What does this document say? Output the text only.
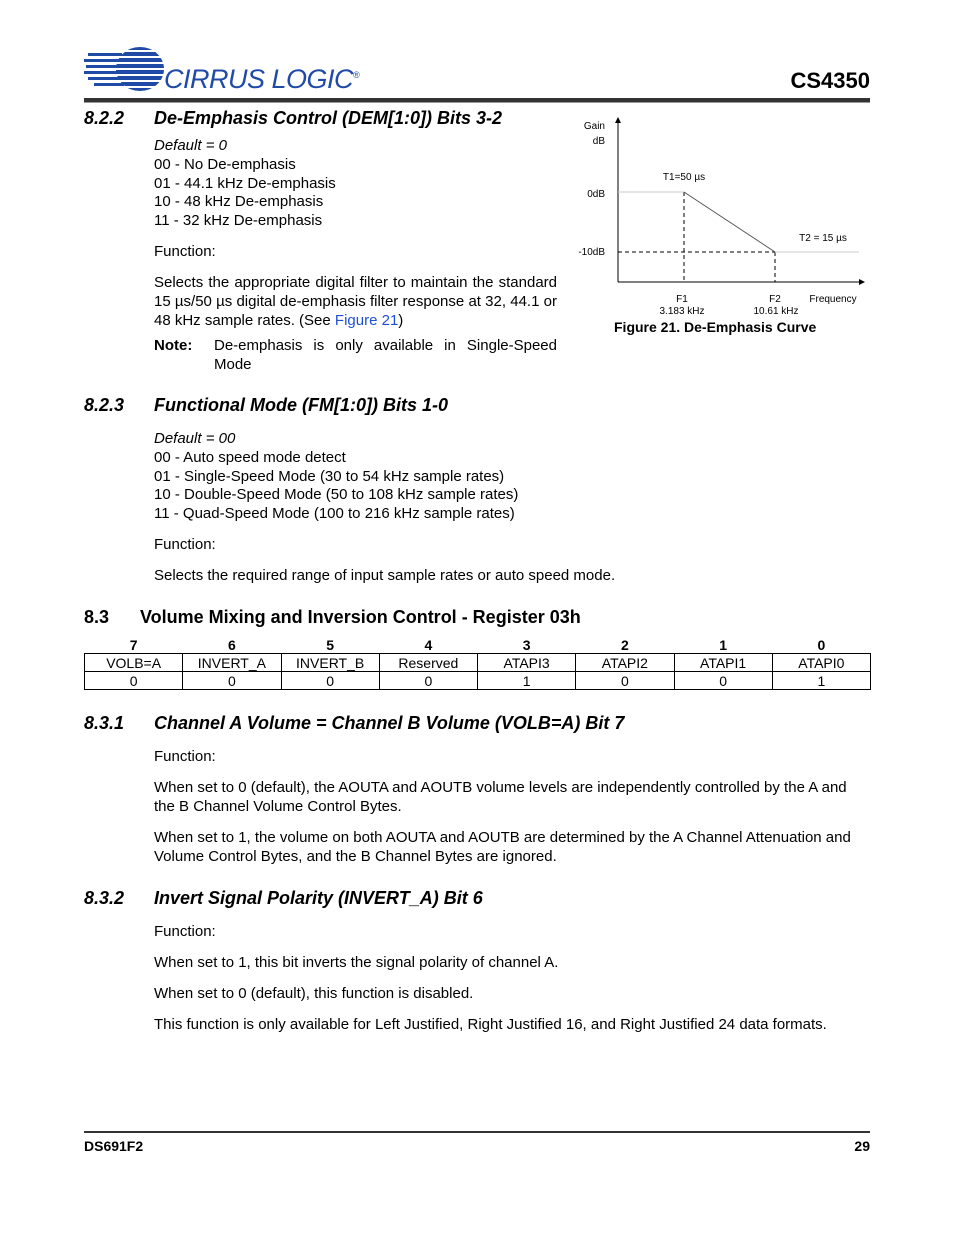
CIRRUS LOGIC®	CS4350
8.2.2 De-Emphasis Control (DEM[1:0]) Bits 3-2
Default = 0
00 - No De-emphasis
01 - 44.1 kHz De-emphasis
10 - 48 kHz De-emphasis
11 - 32 kHz De-emphasis
Function:
Selects the appropriate digital filter to maintain the standard 15 µs/50 µs digital de-emphasis filter response at 32, 44.1 or 48 kHz sample rates. (See Figure 21)
Note:	De-emphasis is only available in Single-Speed Mode
Gain
dB
0dB
-10dB
T1=50 µs
T2 = 15 µs
F1
3.183 kHz
F2
10.61 kHz
Frequency
Figure 21. De-Emphasis Curve
8.2.3 Functional Mode (FM[1:0]) Bits 1-0
Default = 00
00 - Auto speed mode detect
01 - Single-Speed Mode (30 to 54 kHz sample rates)
10 - Double-Speed Mode (50 to 108 kHz sample rates)
11 - Quad-Speed Mode (100 to 216 kHz sample rates)
Function:
Selects the required range of input sample rates or auto speed mode.
8.3 Volume Mixing and Inversion Control - Register 03h
7	6	5	4	3	2	1	0
VOLB=A	INVERT_A	INVERT_B	Reserved	ATAPI3	ATAPI2	ATAPI1	ATAPI0
0	0	0	0	1	0	0	1
8.3.1 Channel A Volume = Channel B Volume (VOLB=A) Bit 7
Function:
When set to 0 (default), the AOUTA and AOUTB volume levels are independently controlled by the A and the B Channel Volume Control Bytes.
When set to 1, the volume on both AOUTA and AOUTB are determined by the A Channel Attenuation and Volume Control Bytes, and the B Channel Bytes are ignored.
8.3.2 Invert Signal Polarity (INVERT_A) Bit 6
Function:
When set to 1, this bit inverts the signal polarity of channel A.
When set to 0 (default), this function is disabled.
This function is only available for Left Justified, Right Justified 16, and Right Justified 24 data formats.
DS691F2	29
